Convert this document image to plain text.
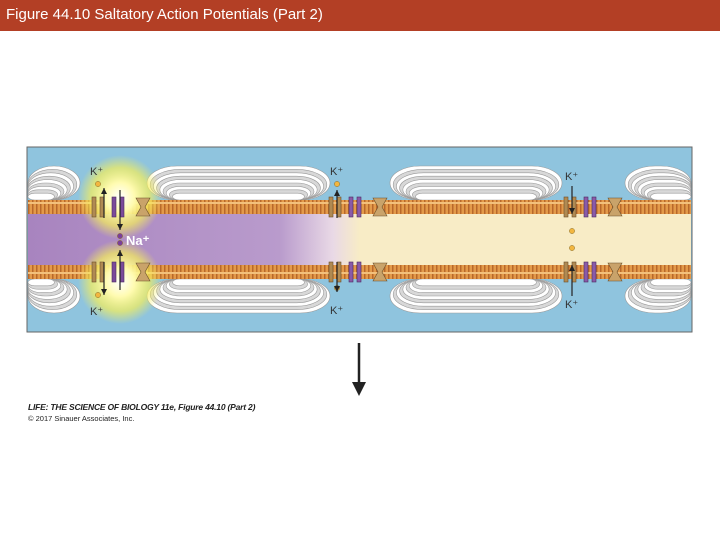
Figure 44.10 Saltatory Action Potentials (Part 2)
K⁺
K⁺
K⁺
K⁺
K⁺
K⁺
Na⁺
LIFE: THE SCIENCE OF BIOLOGY 11e, Figure 44.10 (Part 2)
© 2017 Sinauer Associates, Inc.
